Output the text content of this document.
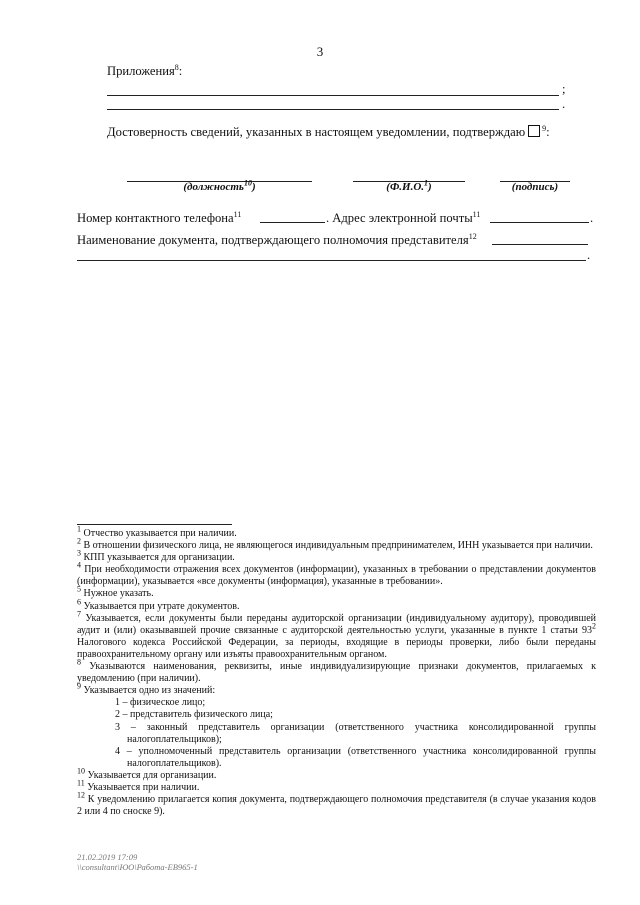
3
Приложения$^8$:
;
.
Достоверность сведений, указанных в настоящем уведомлении, подтверждаю $^9$:
(должность$^{10}$)	(Ф.И.О.$^1$)	(подпись)
Номер контактного телефона$^{11}$	. Адрес электронной почты$^{11}$	.
Наименование документа, подтверждающего полномочия представителя$^{12}$
.

$^1$ Отчество указывается при наличии.

$^2$ В отношении физического лица, не являющегося индивидуальным предпринимателем, ИНН указывается при наличии.

$^3$ КПП указывается для организации.

$^4$ При необходимости отражения всех документов (информации), указанных в требовании о представлении документов (информации), указывается «все документы (информация), указанные в требовании».

$^5$ Нужное указать.

$^6$ Указывается при утрате документов.

$^7$ Указывается, если документы были переданы аудиторской организации (индивидуальному аудитору), проводившей аудит и (или) оказывавшей прочие связанные с аудиторской деятельностью услуги, указанные в пункте 1 статьи $93^2$ Налогового кодекса Российской Федерации, за периоды, входящие в периоды проверки, либо были переданы правоохранительному органу или изъяты правоохранительным органом.

$^8$ Указываются наименования, реквизиты, иные индивидуализирующие признаки документов, прилагаемых к уведомлению (при наличии).

$^9$ Указывается одно из значений:

1 – физическое лицо;

2 – представитель физического лица;

3 – законный представитель организации (ответственного участника консолидированной группы налогоплательщиков);

4 – уполномоченный представитель организации (ответственного участника консолидированной группы налогоплательщиков).

$^{10}$ Указывается для организации.

$^{11}$ Указывается при наличии.

$^{12}$ К уведомлению прилагается копия документа, подтверждающего полномочия представителя (в случае указания кодов 2 или 4 по сноске 9).

21.02.2019 17:09
\\consultant\ЮО\Работа-ЕВ965-1
